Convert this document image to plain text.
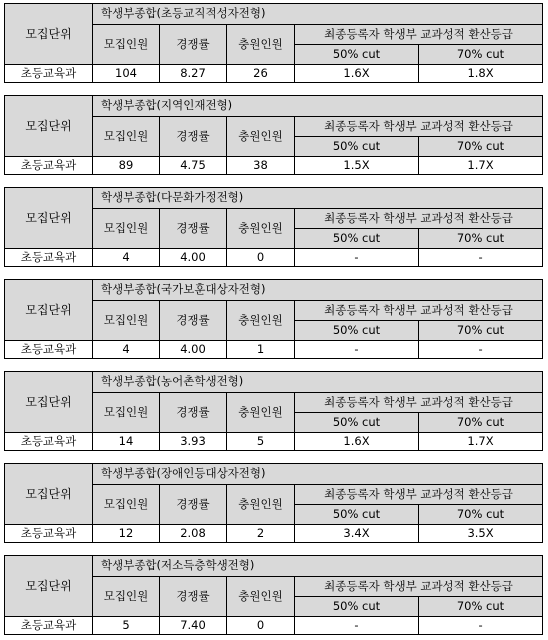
모집단위	학생부종합(초등교직적성자전형)				
	모집인원	경쟁률	충원인원	최종등록자 학생부 교과성적 환산등급	
				50% cut	70% cut
초등교육과	104	8.27	26	1.6X	1.8X
모집단위	학생부종합(지역인재전형)				
	모집인원	경쟁률	충원인원	최종등록자 학생부 교과성적 환산등급	
				50% cut	70% cut
초등교육과	89	4.75	38	1.5X	1.7X
모집단위	학생부종합(다문화가정전형)				
	모집인원	경쟁률	충원인원	최종등록자 학생부 교과성적 환산등급	
				50% cut	70% cut
초등교육과	4	4.00	0	-	-
모집단위	학생부종합(국가보훈대상자전형)				
	모집인원	경쟁률	충원인원	최종등록자 학생부 교과성적 환산등급	
				50% cut	70% cut
초등교육과	4	4.00	1	-	-
모집단위	학생부종합(농어촌학생전형)				
	모집인원	경쟁률	충원인원	최종등록자 학생부 교과성적 환산등급	
				50% cut	70% cut
초등교육과	14	3.93	5	1.6X	1.7X
모집단위	학생부종합(장애인등대상자전형)				
	모집인원	경쟁률	충원인원	최종등록자 학생부 교과성적 환산등급	
				50% cut	70% cut
초등교육과	12	2.08	2	3.4X	3.5X
모집단위	학생부종합(저소득층학생전형)				
	모집인원	경쟁률	충원인원	최종등록자 학생부 교과성적 환산등급	
				50% cut	70% cut
초등교육과	5	7.40	0	-	-
